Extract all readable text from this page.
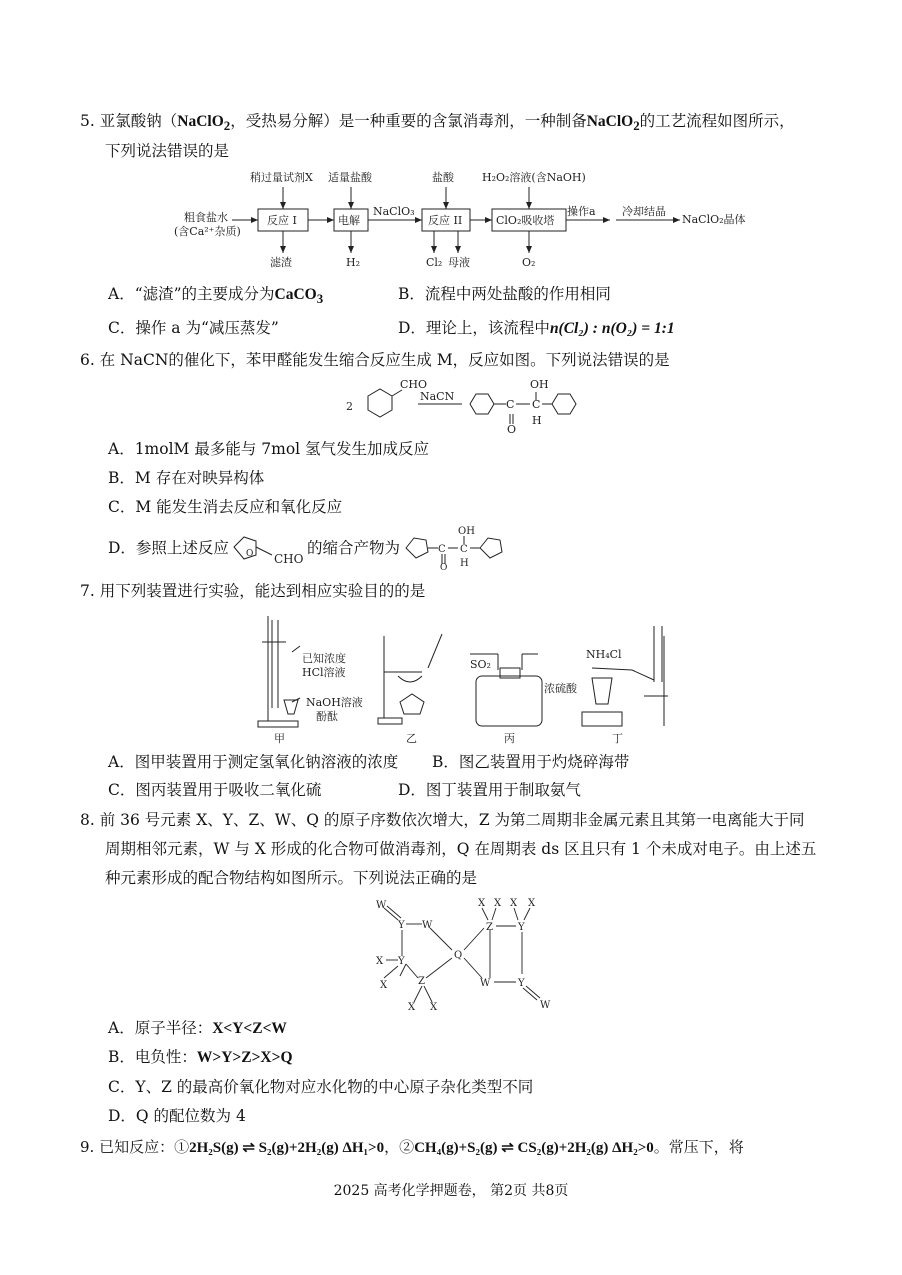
5. 亚氯酸钠（NaClO$_2$，受热易分解）是一种重要的含氯消毒剂，一种制备NaClO$_2$的工艺流程如图所示，
下列说法错误的是
稍过量试剂X 适量盐酸	盐酸	H₂O₂溶液(含NaOH)
粗食盐水
(含Ca²⁺杂质)
NaClO₃	操作a 冷却结晶
NaClO₂晶体
滤渣	H₂	Cl₂ 母液	O₂
反应 I	电解	反应 II	ClO₂吸收塔
A．“滤渣”的主要成分为CaCO$_3$	B．流程中两处盐酸的作用相同
C．操作 a 为“减压蒸发”	D．理论上，该流程中n(Cl₂) : n(O₂) = 1:1
6. 在 NaCN的催化下，苯甲醛能发生缩合反应生成 M，反应如图。下列说法错误的是
2
CHO
NaCN
OH
C C
H
O
A．1molM 最多能与 7mol 氢气发生加成反应
B．M 存在对映异构体
C．M 能发生消去反应和氧化反应
D．参照上述反应	的缩合产物为
O CHO
OH
C C
H
O
7. 用下列装置进行实验，能达到相应实验目的的是
已知浓度
HCl溶液
NaOH溶液
酚酞
SO₂
浓硫酸
NH₄Cl
甲	乙	丙	丁
A．图甲装置用于测定氢氧化钠溶液的浓度 B．图乙装置用于灼烧碎海带
C．图丙装置用于吸收二氧化硫	D．图丁装置用于制取氨气
8. 前 36 号元素 X、Y、Z、W、Q 的原子序数依次增大，Z 为第二周期非金属元素且其第一电离能大于同
周期相邻元素，W 与 X 形成的化合物可做消毒剂，Q 在周期表 ds 区且只有 1 个未成对电子。由上述五
种元素形成的配合物结构如图所示。下列说法正确的是
W
Y W
X Y
X	Z
X X
Q
X X X X
Z	Y
W	Y
W
A．原子半径：X<Y<Z<W
B．电负性：W>Y>Z>X>Q
C．Y、Z 的最高价氧化物对应水化物的中心原子杂化类型不同
D．Q 的配位数为 4
9. 已知反应：①2H₂S(g) ⇌ S₂(g)+2H₂(g) ΔH₁>0，②CH₄(g)+S₂(g) ⇌ CS₂(g)+2H₂(g) ΔH₂>0。常压下，将
2025 高考化学押题卷， 第2页 共8页
